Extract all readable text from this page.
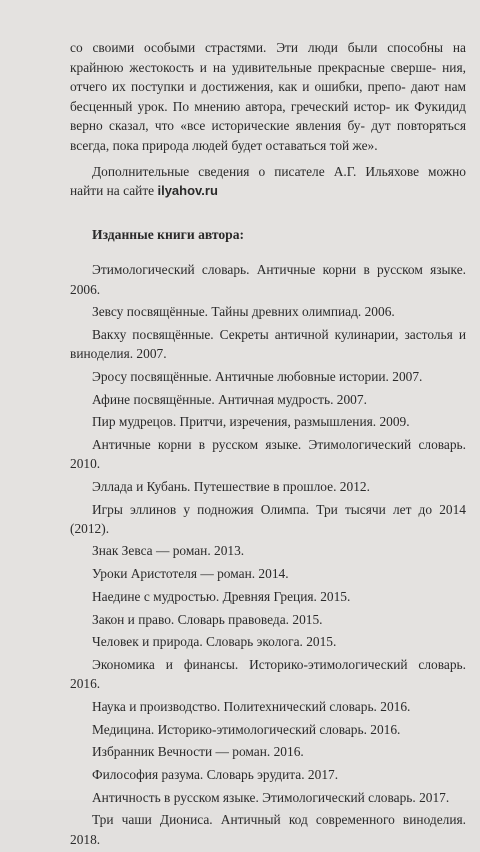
со своими особыми страстями. Эти люди были способны на крайнюю жестокость и на удивительные прекрасные сверше- ния, отчего их поступки и достижения, как и ошибки, препо- дают нам бесценный урок. По мнению автора, греческий истор- ик Фукидид верно сказал, что «все исторические явления бу- дут повторяться всегда, пока природа людей будет оставаться той же».

Дополнительные сведения о писателе А.Г. Ильяхове можно найти на сайте ilyahov.ru

Изданные книги автора:

Этимологический словарь. Античные корни в русском языке. 2006.

Зевсу посвящённые. Тайны древних олимпиад. 2006.

Вакху посвящённые. Секреты античной кулинарии, застолья и виноделия. 2007.

Эросу посвящённые. Античные любовные истории. 2007.

Афине посвящённые. Античная мудрость. 2007.

Пир мудрецов. Притчи, изречения, размышления. 2009.

Античные корни в русском языке. Этимологический словарь. 2010.

Эллада и Кубань. Путешествие в прошлое. 2012.

Игры эллинов у подножия Олимпа. Три тысячи лет до 2014 (2012).

Знак Зевса — роман. 2013.

Уроки Аристотеля — роман. 2014.

Наедине с мудростью. Древняя Греция. 2015.

Закон и право. Словарь правоведа. 2015.

Человек и природа. Словарь эколога. 2015.

Экономика и финансы. Историко-этимологический словарь. 2016.

Наука и производство. Политехнический словарь. 2016.

Медицина. Историко-этимологический словарь. 2016.

Избранник Вечности — роман. 2016.

Философия разума. Словарь эрудита. 2017.

Античность в русском языке. Этимологический словарь. 2017.

Три чаши Диониса. Античный код современного виноделия. 2018.
